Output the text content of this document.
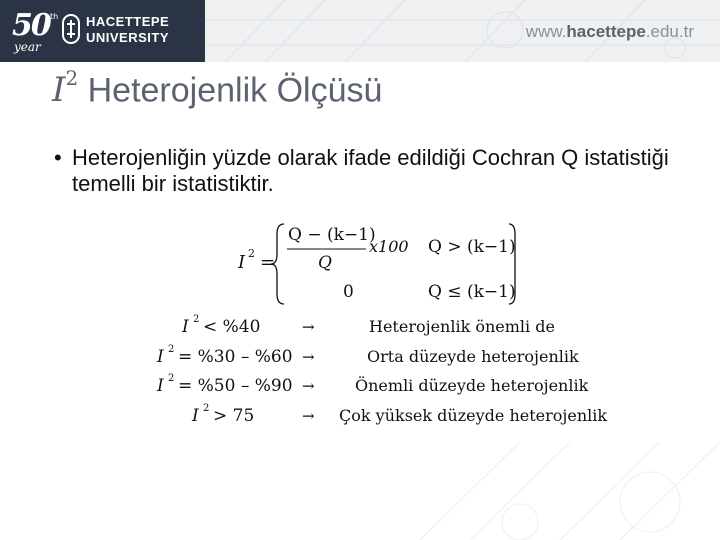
50 th
year
HACETTEPE
UNIVERSITY	www.hacettepe.edu.tr
$I^2$ Heterojenlik Ölçüsü
• Heterojenliğin yüzde olarak ifade edildiği Cochran Q istatistiği temelli bir istatistiktir.
I 2 =
Q − (k−1)
Q
x100 Q > (k−1)
0	Q ≤ (k−1)
I 2 < %40	→	Heterojenlik önemli de
I 2 = %30 – %60 →	Orta düzeyde heterojenlik
I 2 = %50 – %90 →	Önemli düzeyde heterojenlik
I 2 > 75	→ Çok yüksek düzeyde heterojenlik
